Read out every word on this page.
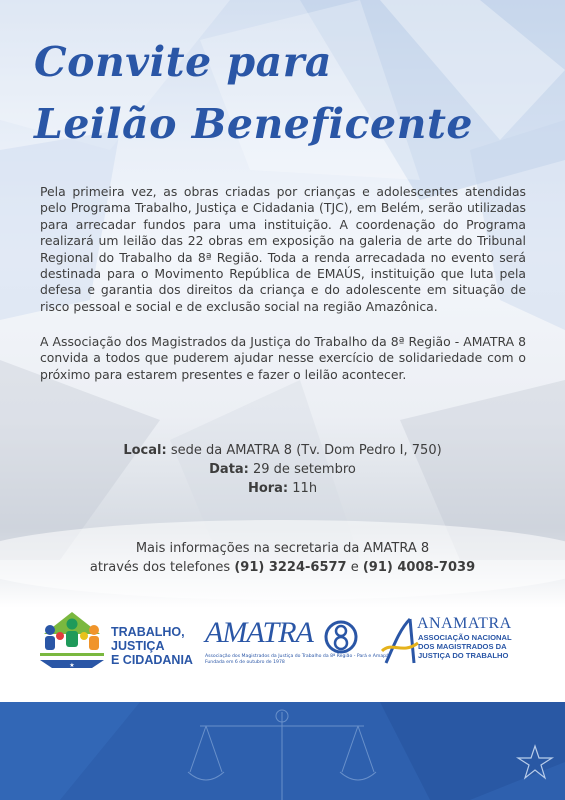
Convite para
Leilão Beneficente

Pela primeira vez, as obras criadas por crianças e adolescentes atendidas pelo Programa Trabalho, Justiça e Cidadania (TJC), em Belém, serão utilizadas para arrecadar fundos para uma instituição. A coordenação do Programa realizará um leilão das 22 obras em exposição na galeria de arte do Tribunal Regional do Trabalho da 8ª Região. Toda a renda arrecadada no evento será destinada para o Movimento República de EMAÚS, instituição que luta pela defesa e garantia dos direitos da criança e do adolescente em situação de risco pessoal e social e de exclusão social na região Amazônica.

A Associação dos Magistrados da Justiça do Trabalho da 8ª Região - AMATRA 8 convida a todos que puderem ajudar nesse exercício de solidariedade com o próximo para estarem presentes e fazer o leilão acontecer.

Local: sede da AMATRA 8 (Tv. Dom Pedro I, 750)

Data: 29 de setembro

Hora: 11h

Mais informações na secretaria da AMATRA 8

através dos telefones (91) 3224-6577 e (91) 4008-7039

★
TRABALHO,
JUSTIÇA
E CIDADANIA
AMATRA
Associação dos Magistrados da Justiça do Trabalho da 8ª Região - Pará e Amapá
Fundada em 6 de outubro de 1978
ANAMATRA
ASSOCIAÇÃO NACIONAL
DOS MAGISTRADOS DA
JUSTIÇA DO TRABALHO
